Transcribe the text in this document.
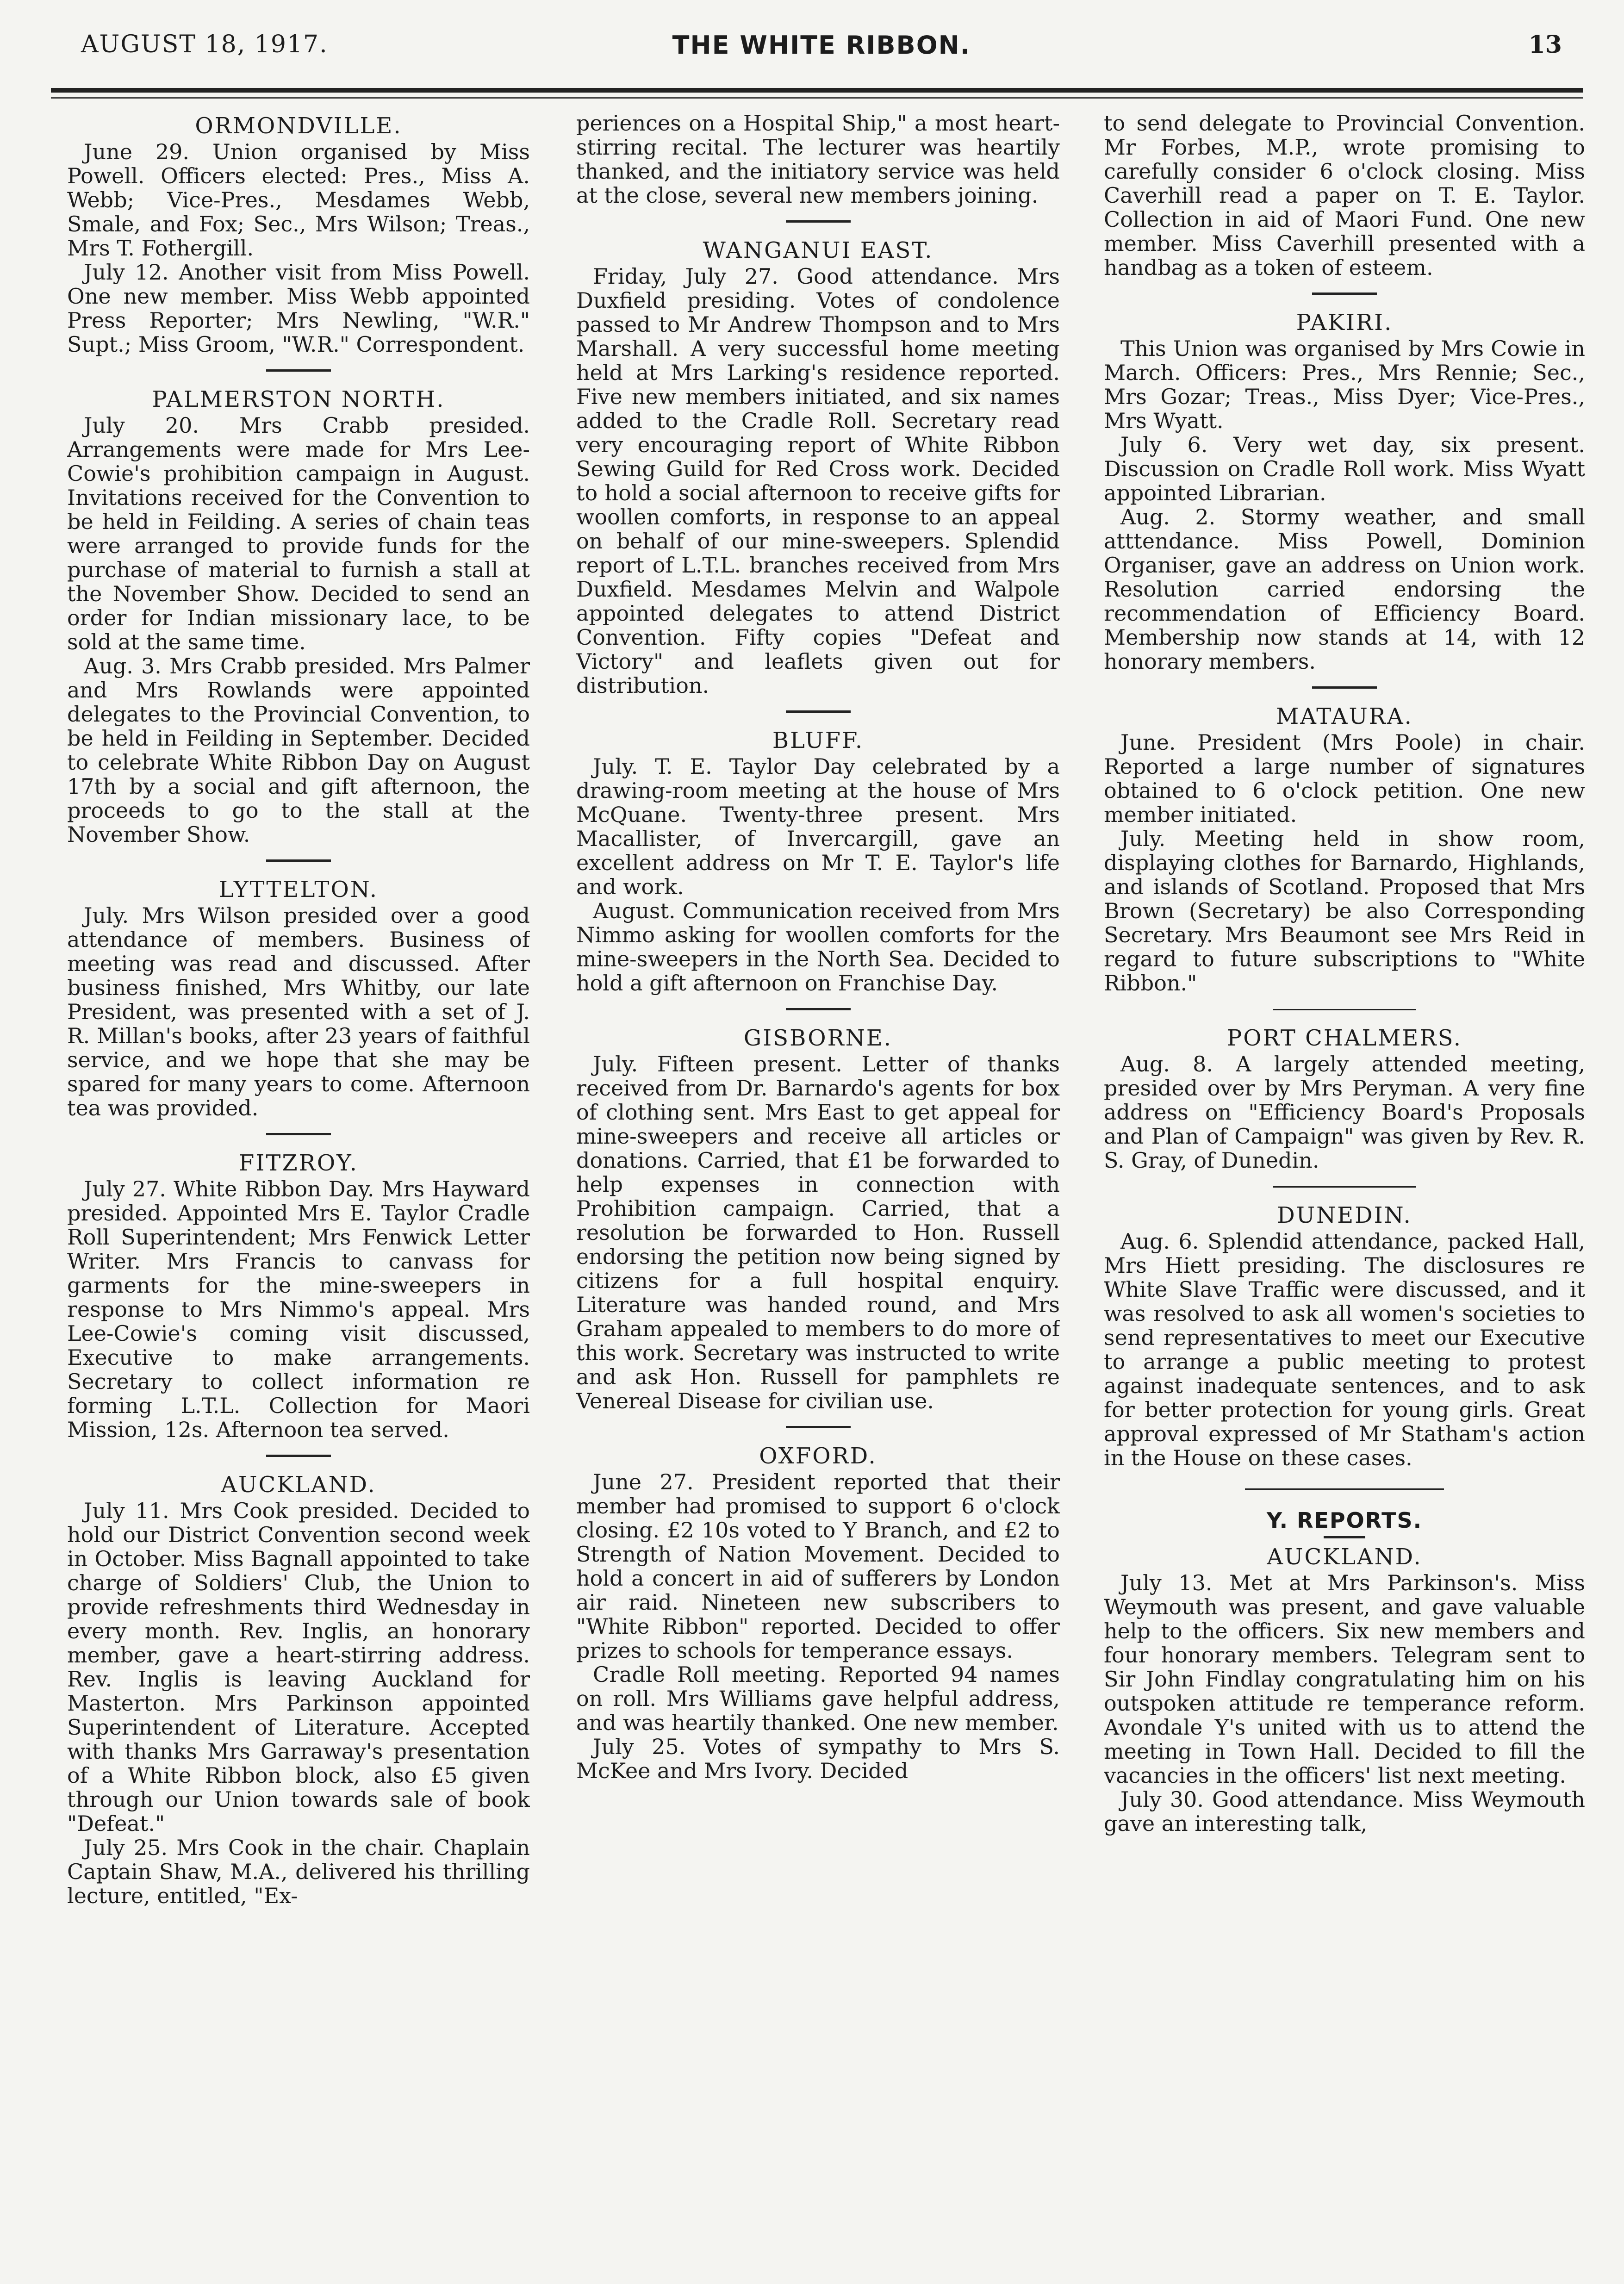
AUGUST 18, 1917.	THE WHITE RIBBON.	13
ORMONDVILLE.

June 29. Union organised by Miss Powell. Officers elected: Pres., Miss A. Webb; Vice-Pres., Mesdames Webb, Smale, and Fox; Sec., Mrs Wilson; Treas., Mrs T. Fothergill.

July 12. Another visit from Miss Powell. One new member. Miss Webb appointed Press Reporter; Mrs Newling, "W.R." Supt.; Miss Groom, "W.R." Correspondent.

PALMERSTON NORTH.

July 20. Mrs Crabb presided. Arrangements were made for Mrs Lee-Cowie's prohibition campaign in August. Invitations received for the Convention to be held in Feilding. A series of chain teas were arranged to provide funds for the purchase of material to furnish a stall at the November Show. Decided to send an order for Indian missionary lace, to be sold at the same time.

Aug. 3. Mrs Crabb presided. Mrs Palmer and Mrs Rowlands were appointed delegates to the Provincial Convention, to be held in Feilding in September. Decided to celebrate White Ribbon Day on August 17th by a social and gift afternoon, the proceeds to go to the stall at the November Show.

LYTTELTON.

July. Mrs Wilson presided over a good attendance of members. Business of meeting was read and discussed. After business finished, Mrs Whitby, our late President, was presented with a set of J. R. Millan's books, after 23 years of faithful service, and we hope that she may be spared for many years to come. Afternoon tea was provided.

FITZROY.

July 27. White Ribbon Day. Mrs Hayward presided. Appointed Mrs E. Taylor Cradle Roll Superintendent; Mrs Fenwick Letter Writer. Mrs Francis to canvass for garments for the mine-sweepers in response to Mrs Nimmo's appeal. Mrs Lee-Cowie's coming visit discussed, Executive to make arrangements. Secretary to collect information re forming L.T.L. Collection for Maori Mission, 12s. Afternoon tea served.

AUCKLAND.

July 11. Mrs Cook presided. Decided to hold our District Convention second week in October. Miss Bagnall appointed to take charge of Soldiers' Club, the Union to provide refreshments third Wednesday in every month. Rev. Inglis, an honorary member, gave a heart-stirring address. Rev. Inglis is leaving Auckland for Masterton. Mrs Parkinson appointed Superintendent of Literature. Accepted with thanks Mrs Garraway's presentation of a White Ribbon block, also £5 given through our Union towards sale of book "Defeat."

July 25. Mrs Cook in the chair. Chaplain Captain Shaw, M.A., delivered his thrilling lecture, entitled, "Ex-

periences on a Hospital Ship," a most heart-stirring recital. The lecturer was heartily thanked, and the initiatory service was held at the close, several new members joining.

WANGANUI EAST.

Friday, July 27. Good attendance. Mrs Duxfield presiding. Votes of condolence passed to Mr Andrew Thompson and to Mrs Marshall. A very successful home meeting held at Mrs Larking's residence reported. Five new members initiated, and six names added to the Cradle Roll. Secretary read very encouraging report of White Ribbon Sewing Guild for Red Cross work. Decided to hold a social afternoon to receive gifts for woollen comforts, in response to an appeal on behalf of our mine-sweepers. Splendid report of L.T.L. branches received from Mrs Duxfield. Mesdames Melvin and Walpole appointed delegates to attend District Convention. Fifty copies "Defeat and Victory" and leaflets given out for distribution.

BLUFF.

July. T. E. Taylor Day celebrated by a drawing-room meeting at the house of Mrs McQuane. Twenty-three present. Mrs Macallister, of Invercargill, gave an excellent address on Mr T. E. Taylor's life and work.

August. Communication received from Mrs Nimmo asking for woollen comforts for the mine-sweepers in the North Sea. Decided to hold a gift afternoon on Franchise Day.

GISBORNE.

July. Fifteen present. Letter of thanks received from Dr. Barnardo's agents for box of clothing sent. Mrs East to get appeal for mine-sweepers and receive all articles or donations. Carried, that £1 be forwarded to help expenses in connection with Prohibition campaign. Carried, that a resolution be forwarded to Hon. Russell endorsing the petition now being signed by citizens for a full hospital enquiry. Literature was handed round, and Mrs Graham appealed to members to do more of this work. Secretary was instructed to write and ask Hon. Russell for pamphlets re Venereal Disease for civilian use.

OXFORD.

June 27. President reported that their member had promised to support 6 o'clock closing. £2 10s voted to Y Branch, and £2 to Strength of Nation Movement. Decided to hold a concert in aid of sufferers by London air raid. Nineteen new subscribers to "White Ribbon" reported. Decided to offer prizes to schools for temperance essays.

Cradle Roll meeting. Reported 94 names on roll. Mrs Williams gave helpful address, and was heartily thanked. One new member.

July 25. Votes of sympathy to Mrs S. McKee and Mrs Ivory. Decided

to send delegate to Provincial Convention. Mr Forbes, M.P., wrote promising to carefully consider 6 o'clock closing. Miss Caverhill read a paper on T. E. Taylor. Collection in aid of Maori Fund. One new member. Miss Caverhill presented with a handbag as a token of esteem.

PAKIRI.

This Union was organised by Mrs Cowie in March. Officers: Pres., Mrs Rennie; Sec., Mrs Gozar; Treas., Miss Dyer; Vice-Pres., Mrs Wyatt.

July 6. Very wet day, six present. Discussion on Cradle Roll work. Miss Wyatt appointed Librarian.

Aug. 2. Stormy weather, and small atttendance. Miss Powell, Dominion Organiser, gave an address on Union work. Resolution carried endorsing the recommendation of Efficiency Board. Membership now stands at 14, with 12 honorary members.

MATAURA.

June. President (Mrs Poole) in chair. Reported a large number of signatures obtained to 6 o'clock petition. One new member initiated.

July. Meeting held in show room, displaying clothes for Barnardo, Highlands, and islands of Scotland. Proposed that Mrs Brown (Secretary) be also Corresponding Secretary. Mrs Beaumont see Mrs Reid in regard to future subscriptions to "White Ribbon."

PORT CHALMERS.

Aug. 8. A largely attended meeting, presided over by Mrs Peryman. A very fine address on "Efficiency Board's Proposals and Plan of Campaign" was given by Rev. R. S. Gray, of Dunedin.

DUNEDIN.

Aug. 6. Splendid attendance, packed Hall, Mrs Hiett presiding. The disclosures re White Slave Traffic were discussed, and it was resolved to ask all women's societies to send representatives to meet our Executive to arrange a public meeting to protest against inadequate sentences, and to ask for better protection for young girls. Great approval expressed of Mr Statham's action in the House on these cases.

Y. REPORTS.
AUCKLAND.

July 13. Met at Mrs Parkinson's. Miss Weymouth was present, and gave valuable help to the officers. Six new members and four honorary members. Telegram sent to Sir John Findlay congratulating him on his outspoken attitude re temperance reform. Avondale Y's united with us to attend the meeting in Town Hall. Decided to fill the vacancies in the officers' list next meeting.

July 30. Good attendance. Miss Weymouth gave an interesting talk,
